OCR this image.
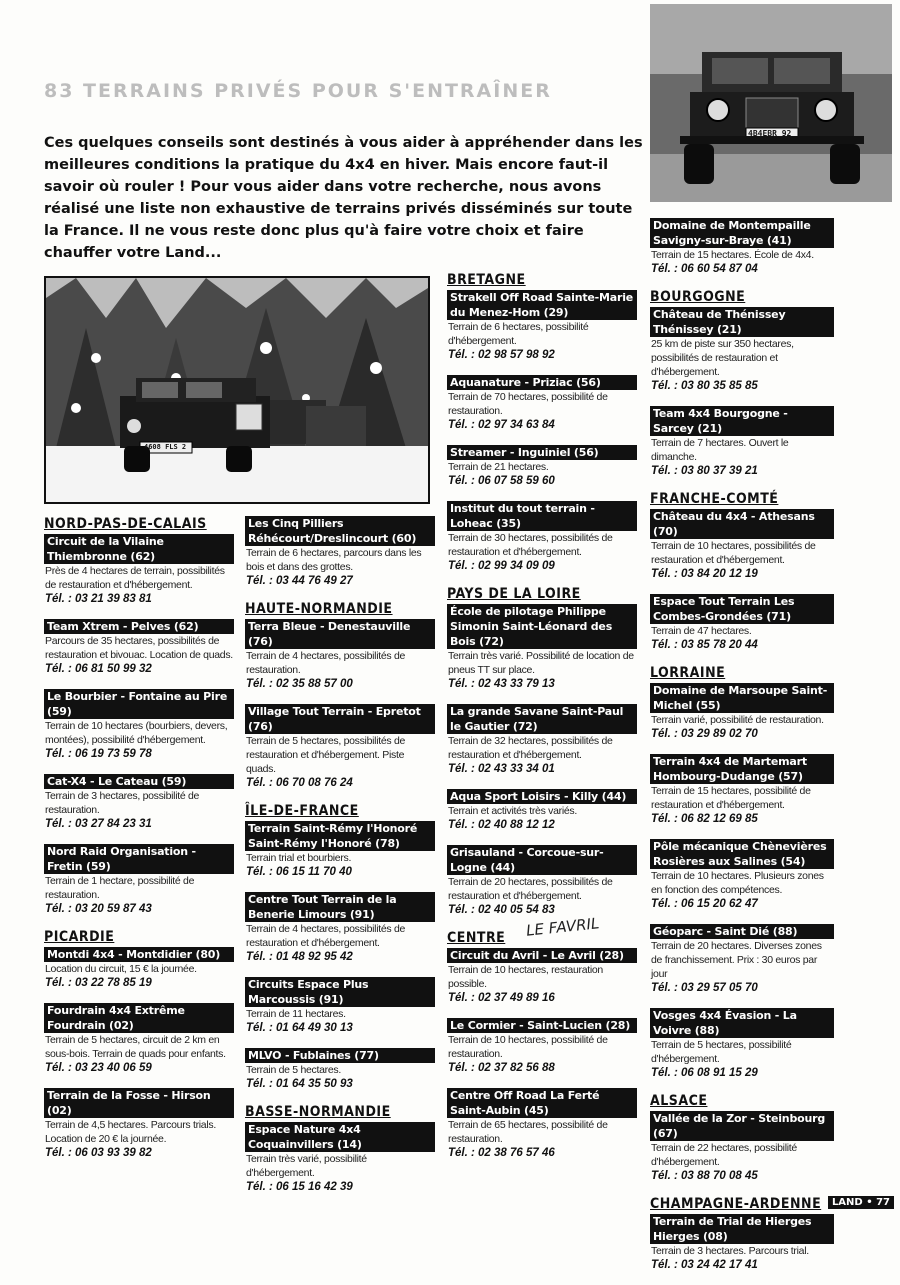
83 TERRAINS PRIVÉS POUR S'ENTRAÎNER
Ces quelques conseils sont destinés à vous aider à appréhender dans les meilleures conditions la pratique du 4x4 en hiver. Mais encore faut-il savoir où rouler ! Pour vous aider dans votre recherche, nous avons réalisé une liste non exhaustive de terrains privés disséminés sur toute la France. Il ne vous reste donc plus qu'à faire votre choix et faire chauffer votre Land...
4B4EBR 92
4608 FLS 2
NORD-PAS-DE-CALAIS
Circuit de la Vilaine Thiembronne (62)
Près de 4 hectares de terrain, possibilités de restauration et d'hébergement.
Tél. : 03 21 39 83 81
Team Xtrem - Pelves (62)
Parcours de 35 hectares, possibilités de restauration et bivouac. Location de quads.
Tél. : 06 81 50 99 32
Le Bourbier - Fontaine au Pire (59)
Terrain de 10 hectares (bourbiers, devers, montées), possibilité d'hébergement.
Tél. : 06 19 73 59 78
Cat-X4 - Le Cateau (59)
Terrain de 3 hectares, possibilité de restauration.
Tél. : 03 27 84 23 31
Nord Raid Organisation - Fretin (59)
Terrain de 1 hectare, possibilité de restauration.
Tél. : 03 20 59 87 43
PICARDIE
Montdi 4x4 - Montdidier (80)
Location du circuit, 15 € la journée.
Tél. : 03 22 78 85 19
Fourdrain 4x4 Extrême Fourdrain (02)
Terrain de 5 hectares, circuit de 2 km en sous-bois. Terrain de quads pour enfants.
Tél. : 03 23 40 06 59
Terrain de la Fosse - Hirson (02)
Terrain de 4,5 hectares. Parcours trials. Location de 20 € la journée.
Tél. : 06 03 93 39 82
Les Cinq Pilliers Réhécourt/Dreslincourt (60)
Terrain de 6 hectares, parcours dans les bois et dans des grottes.
Tél. : 03 44 76 49 27
HAUTE-NORMANDIE
Terra Bleue - Denestauville (76)
Terrain de 4 hectares, possibilités de restauration.
Tél. : 02 35 88 57 00
Village Tout Terrain - Epretot (76)
Terrain de 5 hectares, possibilités de restauration et d'hébergement. Piste quads.
Tél. : 06 70 08 76 24
ÎLE-DE-FRANCE
Terrain Saint-Rémy l'Honoré Saint-Rémy l'Honoré (78)
Terrain trial et bourbiers.
Tél. : 06 15 11 70 40
Centre Tout Terrain de la Benerie Limours (91)
Terrain de 4 hectares, possibilités de restauration et d'hébergement.
Tél. : 01 48 92 95 42
Circuits Espace Plus Marcoussis (91)
Terrain de 11 hectares.
Tél. : 01 64 49 30 13
MLVO - Fublaines (77)
Terrain de 5 hectares.
Tél. : 01 64 35 50 93
BASSE-NORMANDIE
Espace Nature 4x4 Coquainvillers (14)
Terrain très varié, possibilité d'hébergement.
Tél. : 06 15 16 42 39
BRETAGNE
Strakell Off Road Sainte-Marie du Menez-Hom (29)
Terrain de 6 hectares, possibilité d'hébergement.
Tél. : 02 98 57 98 92
Aquanature - Priziac (56)
Terrain de 70 hectares, possibilité de restauration.
Tél. : 02 97 34 63 84
Streamer - Inguiniel (56)
Terrain de 21 hectares.
Tél. : 06 07 58 59 60
Institut du tout terrain - Loheac (35)
Terrain de 30 hectares, possibilités de restauration et d'hébergement.
Tél. : 02 99 34 09 09
PAYS DE LA LOIRE
École de pilotage Philippe Simonin Saint-Léonard des Bois (72)
Terrain très varié. Possibilité de location de pneus TT sur place.
Tél. : 02 43 33 79 13
La grande Savane Saint-Paul le Gautier (72)
Terrain de 32 hectares, possibilités de restauration et d'hébergement.
Tél. : 02 43 33 34 01
Aqua Sport Loisirs - Killy (44)
Terrain et activités très variés.
Tél. : 02 40 88 12 12
Grisauland - Corcoue-sur-Logne (44)
Terrain de 20 hectares, possibilités de restauration et d'hébergement.
Tél. : 02 40 05 54 83
CENTRE
Circuit du Avril - Le Avril (28)
Terrain de 10 hectares, restauration possible.
Tél. : 02 37 49 89 16
Le Cormier - Saint-Lucien (28)
Terrain de 10 hectares, possibilité de restauration.
Tél. : 02 37 82 56 88
Centre Off Road La Ferté Saint-Aubin (45)
Terrain de 65 hectares, possibilité de restauration.
Tél. : 02 38 76 57 46
Domaine de Montempaille Savigny-sur-Braye (41)
Terrain de 15 hectares. École de 4x4.
Tél. : 06 60 54 87 04
BOURGOGNE
Château de Thénissey Thénissey (21)
25 km de piste sur 350 hectares, possibilités de restauration et d'hébergement.
Tél. : 03 80 35 85 85
Team 4x4 Bourgogne - Sarcey (21)
Terrain de 7 hectares. Ouvert le dimanche.
Tél. : 03 80 37 39 21
FRANCHE-COMTÉ
Château du 4x4 - Athesans (70)
Terrain de 10 hectares, possibilités de restauration et d'hébergement.
Tél. : 03 84 20 12 19
Espace Tout Terrain Les Combes-Grondées (71)
Terrain de 47 hectares.
Tél. : 03 85 78 20 44
LORRAINE
Domaine de Marsoupe Saint-Michel (55)
Terrain varié, possibilité de restauration.
Tél. : 03 29 89 02 70
Terrain 4x4 de Martemart Hombourg-Dudange (57)
Terrain de 15 hectares, possibilité de restauration et d'hébergement.
Tél. : 06 82 12 69 85
Pôle mécanique Chènevières Rosières aux Salines (54)
Terrain de 10 hectares. Plusieurs zones en fonction des compétences.
Tél. : 06 15 20 62 47
Géoparc - Saint Dié (88)
Terrain de 20 hectares. Diverses zones de franchissement. Prix : 30 euros par jour
Tél. : 03 29 57 05 70
Vosges 4x4 Évasion - La Voivre (88)
Terrain de 5 hectares, possibilité d'hébergement.
Tél. : 06 08 91 15 29
ALSACE
Vallée de la Zor - Steinbourg (67)
Terrain de 22 hectares, possibilité d'hébergement.
Tél. : 03 88 70 08 45
CHAMPAGNE-ARDENNE
Terrain de Trial de Hierges Hierges (08)
Terrain de 3 hectares. Parcours trial.
Tél. : 03 24 42 17 41
LE FAVRIL
LAND • 77
